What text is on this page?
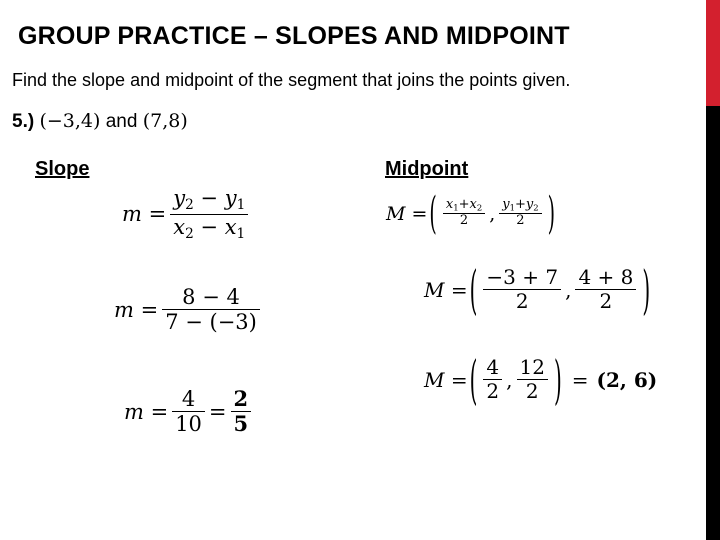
GROUP PRACTICE – SLOPES AND MIDPOINT
Find the slope and midpoint of the segment that joins the points given.
5.) (−3,4) and (7,8)
Slope	Midpoint
$m = \frac{y_2 - y_1}{x_2 - x_1}$
$m = \frac{8 - 4}{7 - (-3)}$
$m = \frac{4}{10} = \frac{2}{5}$
M = ( $\frac{x_1+x_2}{2}$ , $\frac{y_1+y_2}{2}$ )
M = ( $\frac{-3 + 7}{2}$ , $\frac{4 + 8}{2}$ )
M = ( $\frac{4}{2}$ , $\frac{12}{2}$ ) = (2, 6)
